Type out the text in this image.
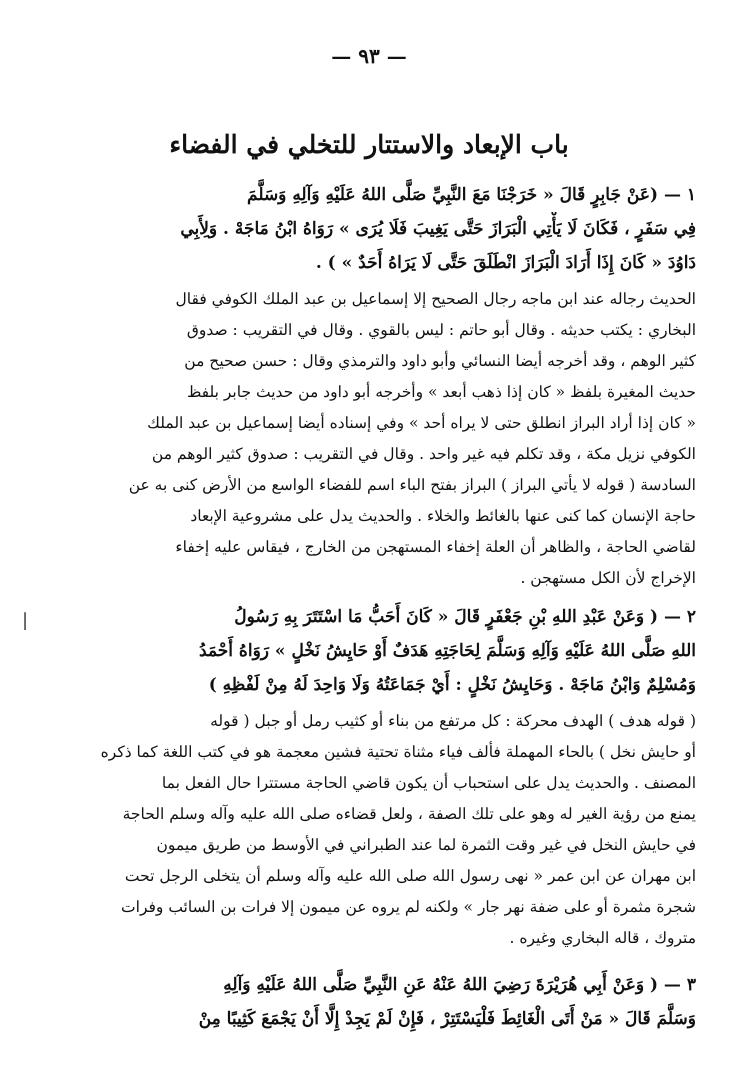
— ٩٣ —
باب الإبعاد والاستتار للتخلي في الفضاء
١ — (عَنْ جَابِرٍ قَالَ « خَرَجْنَا مَعَ النَّبِيِّ صَلَّى اللهُ عَلَيْهِ وَآلِهِ وَسَلَّمَ
فِي سَفَرٍ ، فَكَانَ لَا يَأْتِي الْبَرَازَ حَتَّى يَغِيبَ فَلَا يُرَى » رَوَاهُ ابْنُ مَاجَهْ . وَلِأَبِي
دَاوُدَ « كَانَ إِذَا أَرَادَ الْبَرَازَ انْطَلَقَ حَتَّى لَا يَرَاهُ أَحَدٌ » ) .
الحديث رجاله عند ابن ماجه رجال الصحيح إلا إسماعيل بن عبد الملك الكوفي فقال
البخاري : يكتب حديثه . وقال أبو حاتم : ليس بالقوي . وقال في التقريب : صدوق
كثير الوهم ، وقد أخرجه أيضا النسائي وأبو داود والترمذي وقال : حسن صحيح من
حديث المغيرة بلفظ « كان إذا ذهب أبعد » وأخرجه أبو داود من حديث جابر بلفظ
« كان إذا أراد البراز انطلق حتى لا يراه أحد » وفي إسناده أيضا إسماعيل بن عبد الملك
الكوفي نزيل مكة ، وقد تكلم فيه غير واحد . وقال في التقريب : صدوق كثير الوهم من
السادسة ( قوله لا يأتي البراز ) البراز بفتح الباء اسم للفضاء الواسع من الأرض كنى به عن
حاجة الإنسان كما كنى عنها بالغائط والخلاء . والحديث يدل على مشروعية الإبعاد
لقاضي الحاجة ، والظاهر أن العلة إخفاء المستهجن من الخارج ، فيقاس عليه إخفاء
الإخراج لأن الكل مستهجن .
|	٢ — ( وَعَنْ عَبْدِ اللهِ بْنِ جَعْفَرٍ قَالَ « كَانَ أَحَبُّ مَا اسْتَتَرَ بِهِ رَسُولُ
اللهِ صَلَّى اللهُ عَلَيْهِ وَآلِهِ وَسَلَّمَ لِحَاجَتِهِ هَدَفٌ أَوْ حَايِشُ نَخْلٍ » رَوَاهُ أَحْمَدُ
وَمُسْلِمٌ وَابْنُ مَاجَهْ . وَحَايِشُ نَخْلٍ : أَيْ جَمَاعَتُهُ وَلَا وَاحِدَ لَهُ مِنْ لَفْظِهِ )
( قوله هدف ) الهدف محركة : كل مرتفع من بناء أو كثيب رمل أو جبل ( قوله
أو حايش نخل ) بالحاء المهملة فألف فياء مثناة تحتية فشين معجمة هو في كتب اللغة كما ذكره
المصنف . والحديث يدل على استحباب أن يكون قاضي الحاجة مستترا حال الفعل بما
يمنع من رؤية الغير له وهو على تلك الصفة ، ولعل قضاءه صلى الله عليه وآله وسلم الحاجة
في حايش النخل في غير وقت الثمرة لما عند الطبراني في الأوسط من طريق ميمون
ابن مهران عن ابن عمر « نهى رسول الله صلى الله عليه وآله وسلم أن يتخلى الرجل تحت
شجرة مثمرة أو على ضفة نهر جار » ولكنه لم يروه عن ميمون إلا فرات بن السائب وفرات
متروك ، قاله البخاري وغيره .
٣ — ( وَعَنْ أَبِي هُرَيْرَةَ رَضِيَ اللهُ عَنْهُ عَنِ النَّبِيِّ صَلَّى اللهُ عَلَيْهِ وَآلِهِ
وَسَلَّمَ قَالَ « مَنْ أَتَى الْغَائِطَ فَلْيَسْتَتِرْ ، فَإِنْ لَمْ يَجِدْ إِلَّا أَنْ يَجْمَعَ كَثِيبًا مِنْ
